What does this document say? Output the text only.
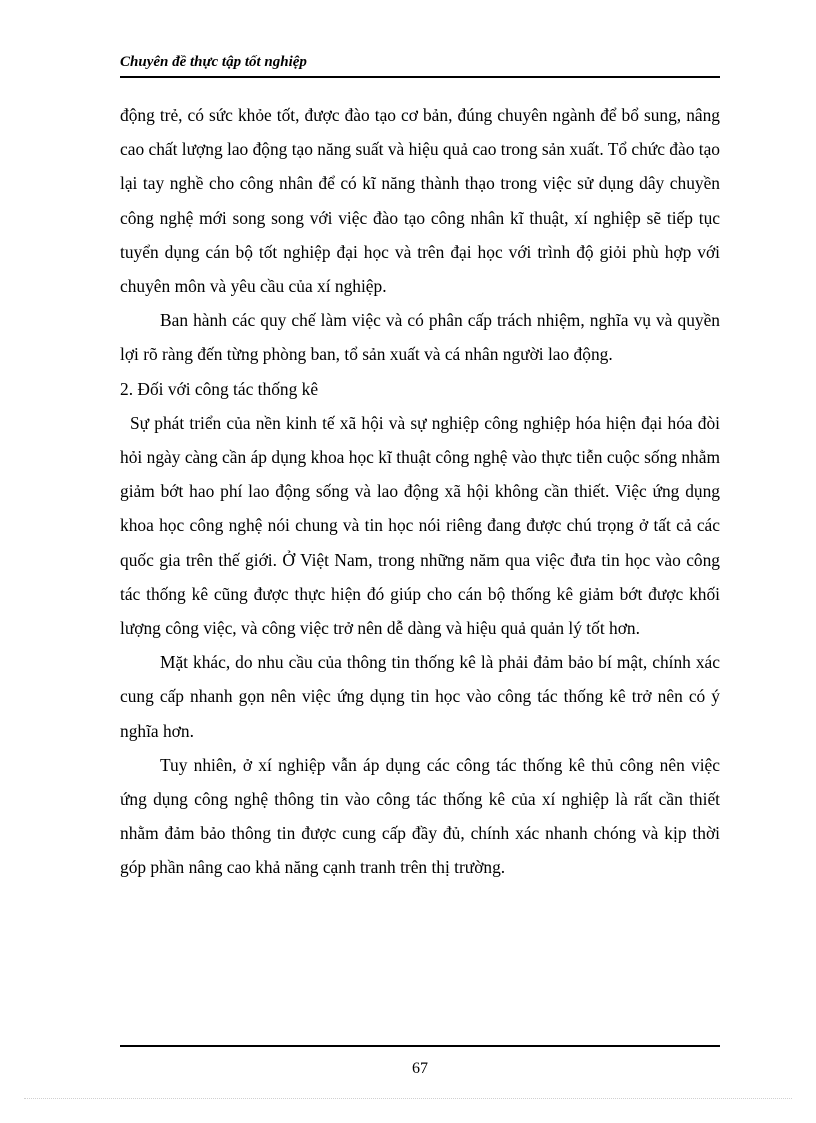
Chuyên đề thực tập tốt nghiệp

động trẻ, có sức khỏe tốt, được đào tạo cơ bản, đúng chuyên ngành để bổ sung, nâng cao chất lượng lao động tạo năng suất và hiệu quả cao trong sản xuất. Tổ chức đào tạo lại tay nghề cho công nhân để có kĩ năng thành thạo trong việc sử dụng dây chuyền công nghệ mới song song với việc đào tạo công nhân kĩ thuật, xí nghiệp sẽ tiếp tục tuyển dụng cán bộ tốt nghiệp đại học và trên đại học với trình độ giỏi phù hợp với chuyên môn và yêu cầu của xí nghiệp.

Ban hành các quy chế làm việc và có phân cấp trách nhiệm, nghĩa vụ và quyền lợi rõ ràng đến từng phòng ban, tổ sản xuất và cá nhân người lao động.

2. Đối với công tác thống kê

Sự phát triển của nền kinh tế xã hội và sự nghiệp công nghiệp hóa hiện đại hóa đòi hỏi ngày càng cần áp dụng khoa học kĩ thuật công nghệ vào thực tiễn cuộc sống nhằm giảm bớt hao phí lao động sống và lao động xã hội không cần thiết. Việc ứng dụng khoa học công nghệ nói chung và tin học nói riêng đang được chú trọng ở tất cả các quốc gia trên thế giới. Ở Việt Nam, trong những năm qua việc đưa tin học vào công tác thống kê cũng được thực hiện đó giúp cho cán bộ thống kê giảm bớt được khối lượng công việc, và công việc trở nên dễ dàng và hiệu quả quản lý tốt hơn.

Mặt khác, do nhu cầu của thông tin thống kê là phải đảm bảo bí mật, chính xác cung cấp nhanh gọn nên việc ứng dụng tin học vào công tác thống kê trở nên có ý nghĩa hơn.

Tuy nhiên, ở xí nghiệp vẫn áp dụng các công tác thống kê thủ công nên việc ứng dụng công nghệ thông tin vào công tác thống kê của xí nghiệp là rất cần thiết nhằm đảm bảo thông tin được cung cấp đầy đủ, chính xác nhanh chóng và kịp thời góp phần nâng cao khả năng cạnh tranh trên thị trường.

67
